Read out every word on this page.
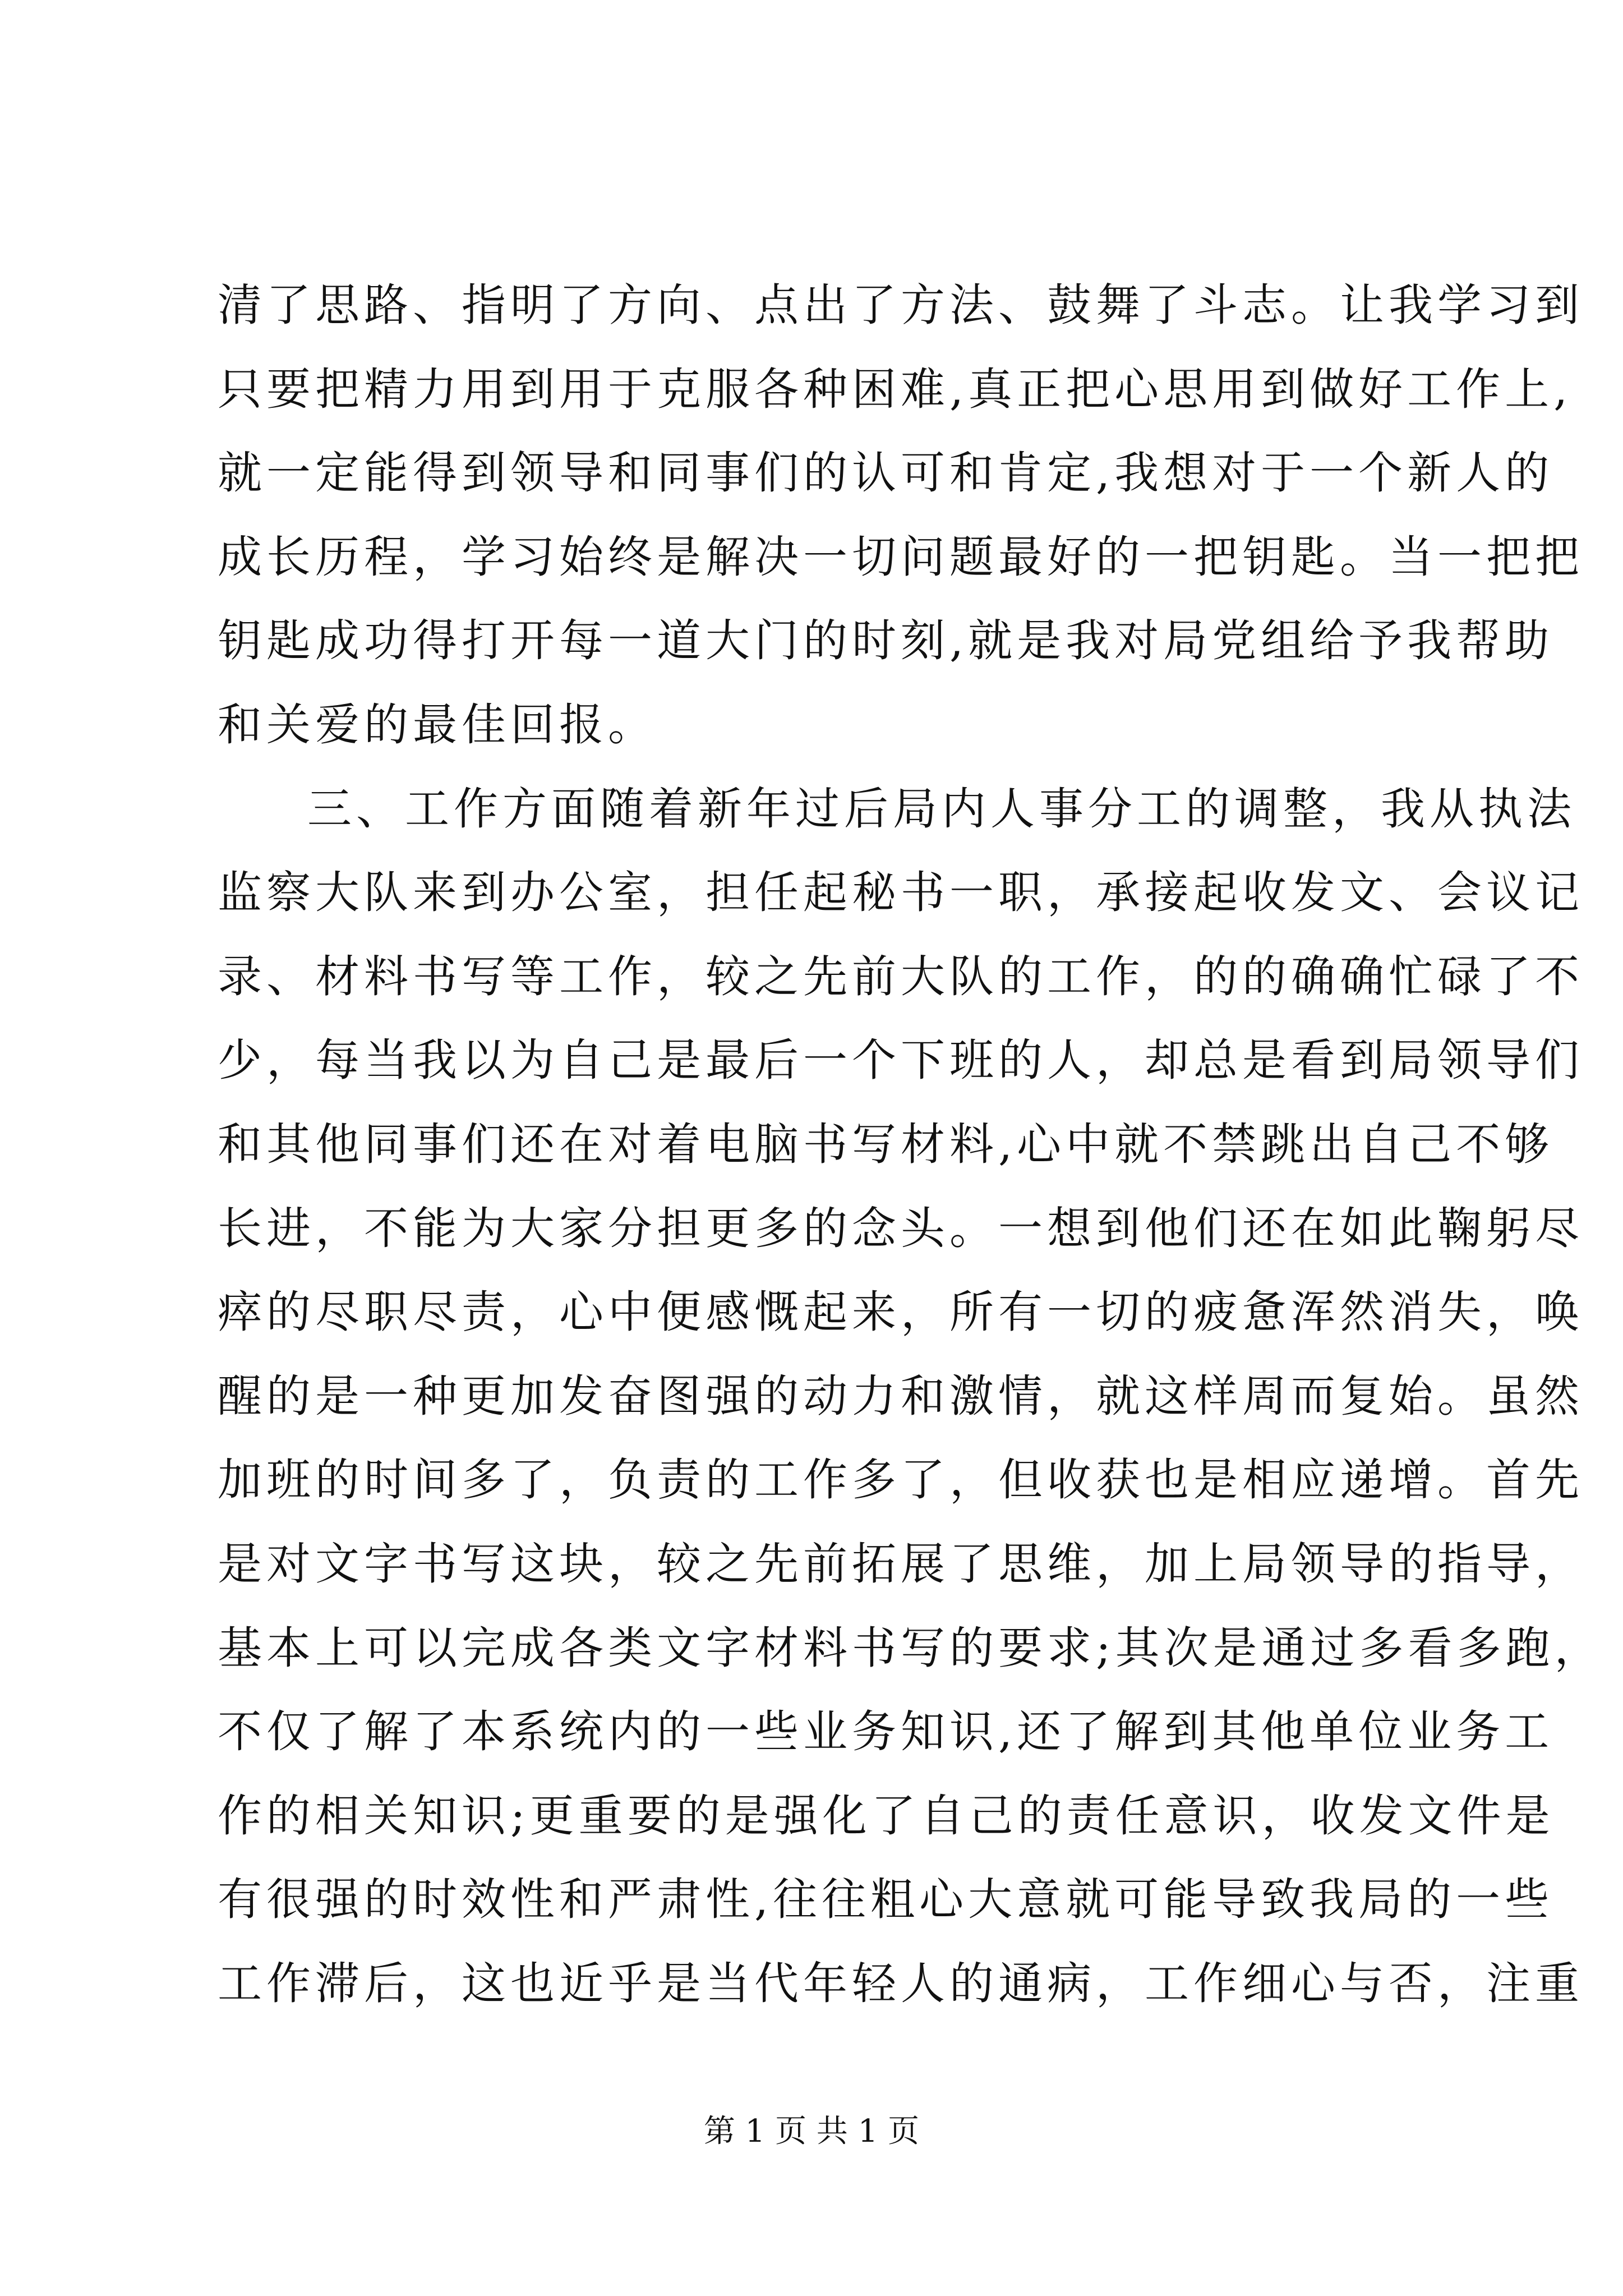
清了思路、指明了方向、点出了方法、鼓舞了斗志。让我学习到
只要把精力用到用于克服各种困难,真正把心思用到做好工作上,
就一定能得到领导和同事们的认可和肯定,我想对于一个新人的
成长历程，学习始终是解决一切问题最好的一把钥匙。当一把把
钥匙成功得打开每一道大门的时刻,就是我对局党组给予我帮助
和关爱的最佳回报。
三、工作方面随着新年过后局内人事分工的调整，我从执法
监察大队来到办公室，担任起秘书一职，承接起收发文、会议记
录、材料书写等工作，较之先前大队的工作，的的确确忙碌了不
少，每当我以为自己是最后一个下班的人，却总是看到局领导们
和其他同事们还在对着电脑书写材料,心中就不禁跳出自己不够
长进，不能为大家分担更多的念头。一想到他们还在如此鞠躬尽
瘁的尽职尽责，心中便感慨起来，所有一切的疲惫浑然消失，唤
醒的是一种更加发奋图强的动力和激情，就这样周而复始。虽然
加班的时间多了，负责的工作多了，但收获也是相应递增。首先
是对文字书写这块，较之先前拓展了思维，加上局领导的指导，
基本上可以完成各类文字材料书写的要求;其次是通过多看多跑，
不仅了解了本系统内的一些业务知识,还了解到其他单位业务工
作的相关知识;更重要的是强化了自己的责任意识，收发文件是
有很强的时效性和严肃性,往往粗心大意就可能导致我局的一些
工作滞后，这也近乎是当代年轻人的通病，工作细心与否，注重
第 1 页 共 1 页
